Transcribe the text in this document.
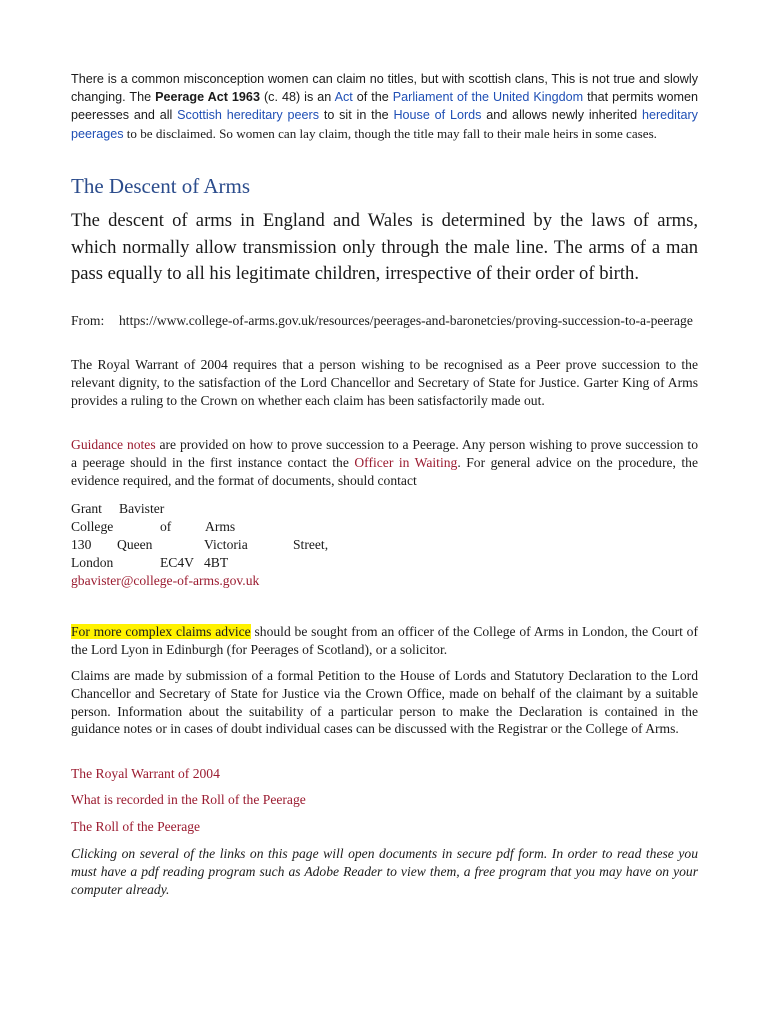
There is a common misconception women can claim no titles, but with scottish clans, This is not true and slowly changing. The Peerage Act 1963 (c. 48) is an Act of the Parliament of the United Kingdom that permits women peeresses and all Scottish hereditary peers to sit in the House of Lords and allows newly inherited hereditary peerages to be disclaimed. So women can lay claim, though the title may fall to their male heirs in some cases.

The Descent of Arms

The descent of arms in England and Wales is determined by the laws of arms, which normally allow transmission only through the male line. The arms of a man pass equally to all his legitimate children, irrespective of their order of birth.

From: https://www.college-of-arms.gov.uk/resources/peerages-and-baronetcies/proving-succession-to-a-peerage

The Royal Warrant of 2004 requires that a person wishing to be recognised as a Peer prove succession to the relevant dignity, to the satisfaction of the Lord Chancellor and Secretary of State for Justice. Garter King of Arms provides a ruling to the Crown on whether each claim has been satisfactorily made out.

Guidance notes are provided on how to prove succession to a Peerage. Any person wishing to prove succession to a peerage should in the first instance contact the Officer in Waiting. For general advice on the procedure, the evidence required, and the format of documents, should contact

Grant Bavister
College	of Arms
130 Queen	Victoria	Street,
London	EC4V 4BT
gbavister@college-of-arms.gov.uk

For more complex claims advice should be sought from an officer of the College of Arms in London, the Court of the Lord Lyon in Edinburgh (for Peerages of Scotland), or a solicitor.

Claims are made by submission of a formal Petition to the House of Lords and Statutory Declaration to the Lord Chancellor and Secretary of State for Justice via the Crown Office, made on behalf of the claimant by a suitable person. Information about the suitability of a particular person to make the Declaration is contained in the guidance notes or in cases of doubt individual cases can be discussed with the Registrar or the College of Arms.

The Royal Warrant of 2004
What is recorded in the Roll of the Peerage
The Roll of the Peerage

Clicking on several of the links on this page will open documents in secure pdf form. In order to read these you must have a pdf reading program such as Adobe Reader to view them, a free program that you may have on your computer already.
